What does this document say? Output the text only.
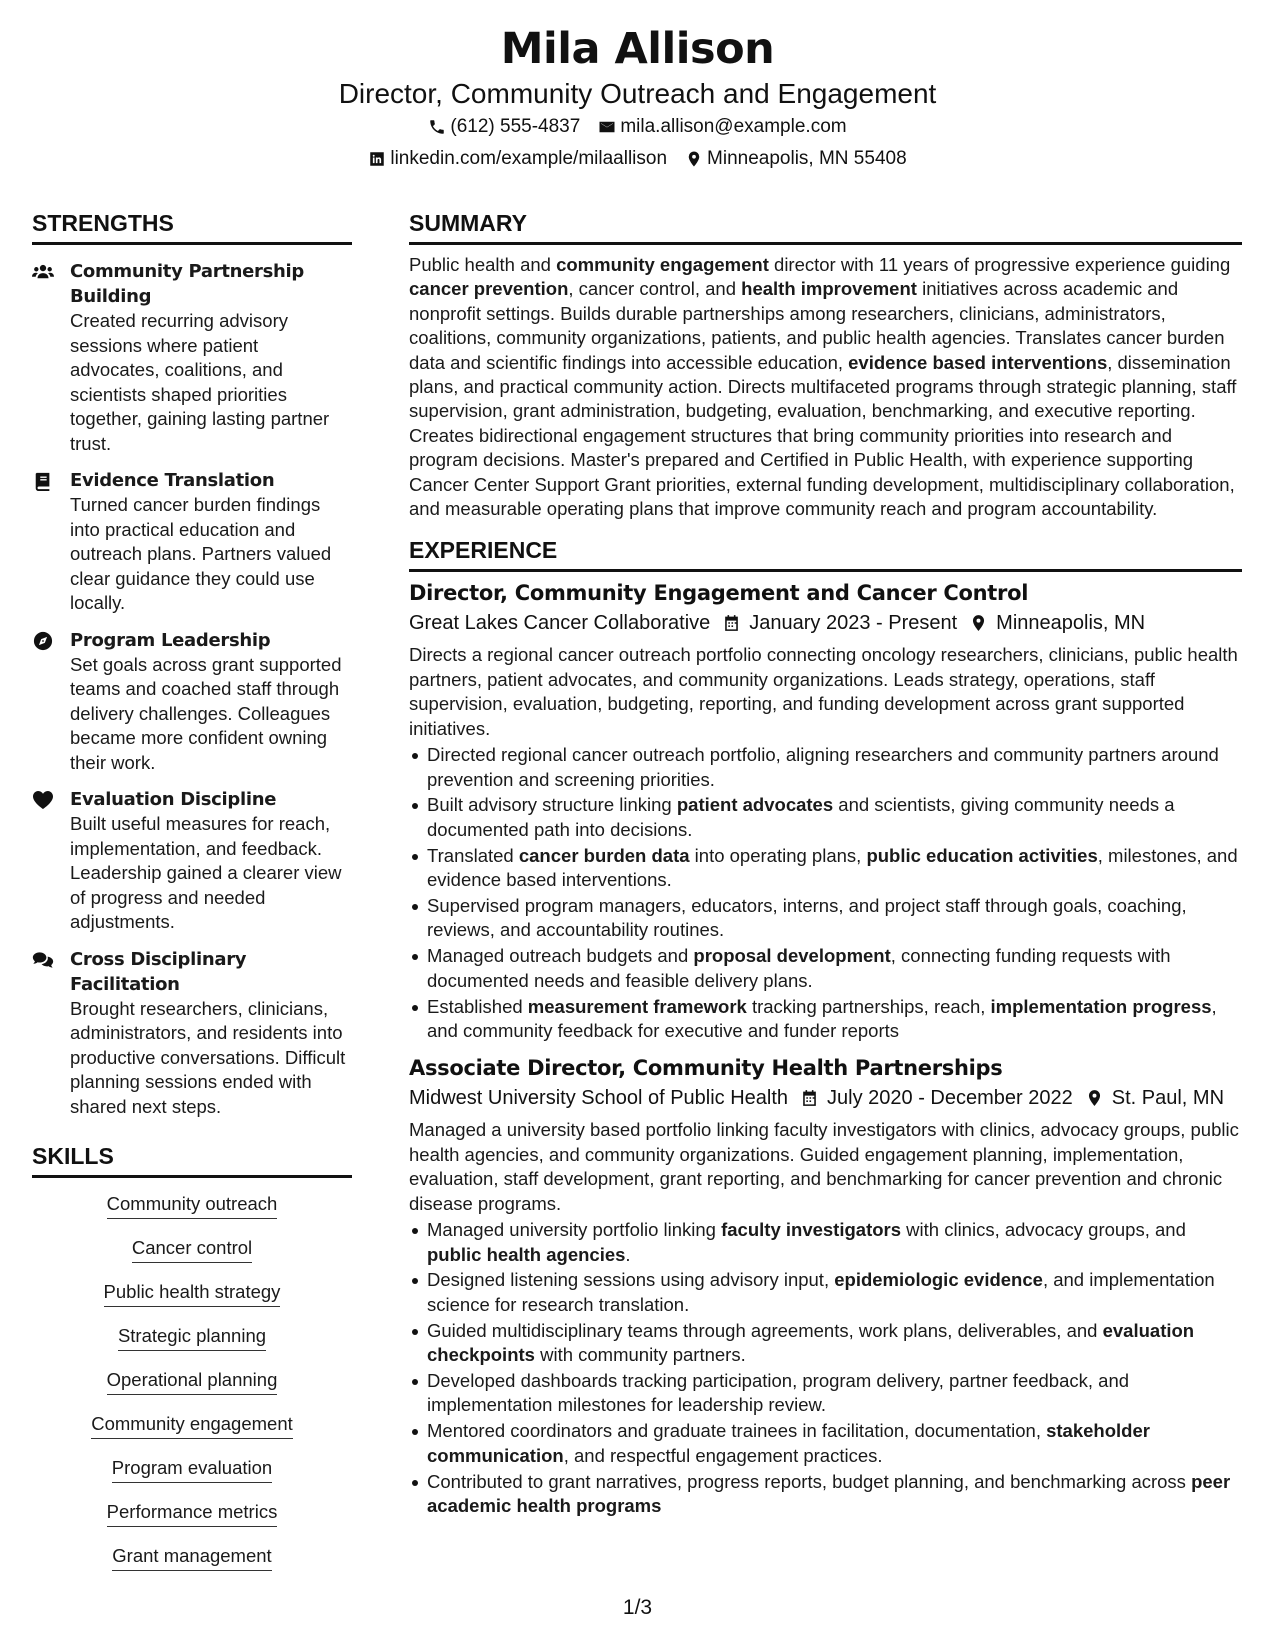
Mila Allison
Director, Community Outreach and Engagement
(612) 555-4837 mila.allison@example.com
linkedin.com/example/milaallison Minneapolis, MN 55408
STRENGTHS
Community Partnership Building
Created recurring advisory sessions where patient advocates, coalitions, and scientists shaped priorities together, gaining lasting partner trust.
Evidence Translation
Turned cancer burden findings into practical education and outreach plans. Partners valued clear guidance they could use locally.
Program Leadership
Set goals across grant supported teams and coached staff through delivery challenges. Colleagues became more confident owning their work.
Evaluation Discipline
Built useful measures for reach, implementation, and feedback. Leadership gained a clearer view of progress and needed adjustments.
Cross Disciplinary Facilitation
Brought researchers, clinicians, administrators, and residents into productive conversations. Difficult planning sessions ended with shared next steps.
SKILLS
Community outreach
Cancer control
Public health strategy
Strategic planning
Operational planning
Community engagement
Program evaluation
Performance metrics
Grant management
SUMMARY
Public health and community engagement director with 11 years of progressive experience guiding cancer prevention, cancer control, and health improvement initiatives across academic and nonprofit settings. Builds durable partnerships among researchers, clinicians, administrators, coalitions, community organizations, patients, and public health agencies. Translates cancer burden data and scientific findings into accessible education, evidence based interventions, dissemination plans, and practical community action. Directs multifaceted programs through strategic planning, staff supervision, grant administration, budgeting, evaluation, benchmarking, and executive reporting. Creates bidirectional engagement structures that bring community priorities into research and program decisions. Master's prepared and Certified in Public Health, with experience supporting Cancer Center Support Grant priorities, external funding development, multidisciplinary collaboration, and measurable operating plans that improve community reach and program accountability.
EXPERIENCE
Director, Community Engagement and Cancer Control
Great Lakes Cancer Collaborative January 2023 - Present Minneapolis, MN
Directs a regional cancer outreach portfolio connecting oncology researchers, clinicians, public health partners, patient advocates, and community organizations. Leads strategy, operations, staff supervision, evaluation, budgeting, reporting, and funding development across grant supported initiatives.
Directed regional cancer outreach portfolio, aligning researchers and community partners around prevention and screening priorities.
Built advisory structure linking patient advocates and scientists, giving community needs a documented path into decisions.
Translated cancer burden data into operating plans, public education activities, milestones, and evidence based interventions.
Supervised program managers, educators, interns, and project staff through goals, coaching, reviews, and accountability routines.
Managed outreach budgets and proposal development, connecting funding requests with documented needs and feasible delivery plans.
Established measurement framework tracking partnerships, reach, implementation progress, and community feedback for executive and funder reports
Associate Director, Community Health Partnerships
Midwest University School of Public Health July 2020 - December 2022 St. Paul, MN
Managed a university based portfolio linking faculty investigators with clinics, advocacy groups, public health agencies, and community organizations. Guided engagement planning, implementation, evaluation, staff development, grant reporting, and benchmarking for cancer prevention and chronic disease programs.
Managed university portfolio linking faculty investigators with clinics, advocacy groups, and public health agencies.
Designed listening sessions using advisory input, epidemiologic evidence, and implementation science for research translation.
Guided multidisciplinary teams through agreements, work plans, deliverables, and evaluation checkpoints with community partners.
Developed dashboards tracking participation, program delivery, partner feedback, and implementation milestones for leadership review.
Mentored coordinators and graduate trainees in facilitation, documentation, stakeholder communication, and respectful engagement practices.
Contributed to grant narratives, progress reports, budget planning, and benchmarking across peer academic health programs
1/3
